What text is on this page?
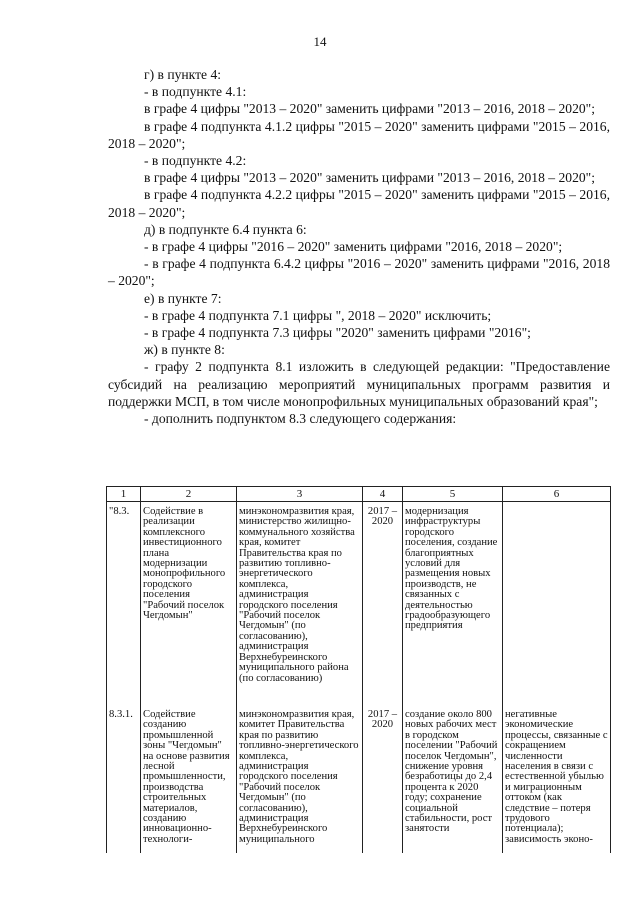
14

г) в пункте 4:

- в подпункте 4.1:

в графе 4 цифры "2013 – 2020" заменить цифрами "2013 – 2016, 2018 – 2020";

в графе 4 подпункта 4.1.2 цифры "2015 – 2020" заменить цифрами "2015 – 2016, 2018 – 2020";

- в подпункте 4.2:

в графе 4 цифры "2013 – 2020" заменить цифрами "2013 – 2016, 2018 – 2020";

в графе 4 подпункта 4.2.2 цифры "2015 – 2020" заменить цифрами "2015 – 2016, 2018 – 2020";

д) в подпункте 6.4 пункта 6:

- в графе 4 цифры "2016 – 2020" заменить цифрами "2016, 2018 – 2020";

- в графе 4 подпункта 6.4.2 цифры "2016 – 2020" заменить цифрами "2016, 2018 – 2020";

е) в пункте 7:

- в графе 4 подпункта 7.1 цифры ", 2018 – 2020" исключить;

- в графе 4 подпункта 7.3 цифры "2020" заменить цифрами "2016";

ж) в пункте 8:

- графу 2 подпункта 8.1 изложить в следующей редакции: "Предоставление субсидий на реализацию мероприятий муниципальных программ развития и поддержки МСП, в том числе монопрофильных муниципальных образований края";

- дополнить подпунктом 8.3 следующего содержания:

1	2	3	4	5	6
"8.3.	Содействие в реализации комплексного инвестиционного плана модернизации монопрофильного городского поселения "Рабочий поселок Чегдомын"	минэкономразвития края, министерство жилищно-коммунального хозяйства края, комитет Правительства края по развитию топливно-энергетического комплекса, администрация городского поселения "Рабочий поселок Чегдомын" (по согласованию), администрация Верхнебуреинского муниципального района (по согласованию)	2017 – 2020	модернизация инфраструктуры городского поселения, создание благоприятных условий для размещения новых производств, не связанных с деятельностью градообразующего предприятия	
8.3.1.	Содействие созданию промышленной зоны "Чегдомын" на основе развития лесной промышленности, производства строительных материалов, созданию инновационно-технологи-	минэкономразвития края, комитет Правительства края по развитию топливно-энергетического комплекса, администрация городского поселения "Рабочий поселок Чегдомын" (по согласованию), администрация Верхнебуреинского муниципального	2017 – 2020	создание около 800 новых рабочих мест в городском поселении "Рабочий поселок Чегдомын", снижение уровня безработицы до 2,4 процента к 2020 году; сохранение социальной стабильности, рост занятости	негативные экономические процессы, связанные с сокращением численности населения в связи с естественной убылью и миграционным оттоком (как следствие – потеря трудового потенциала); зависимость эконо-
